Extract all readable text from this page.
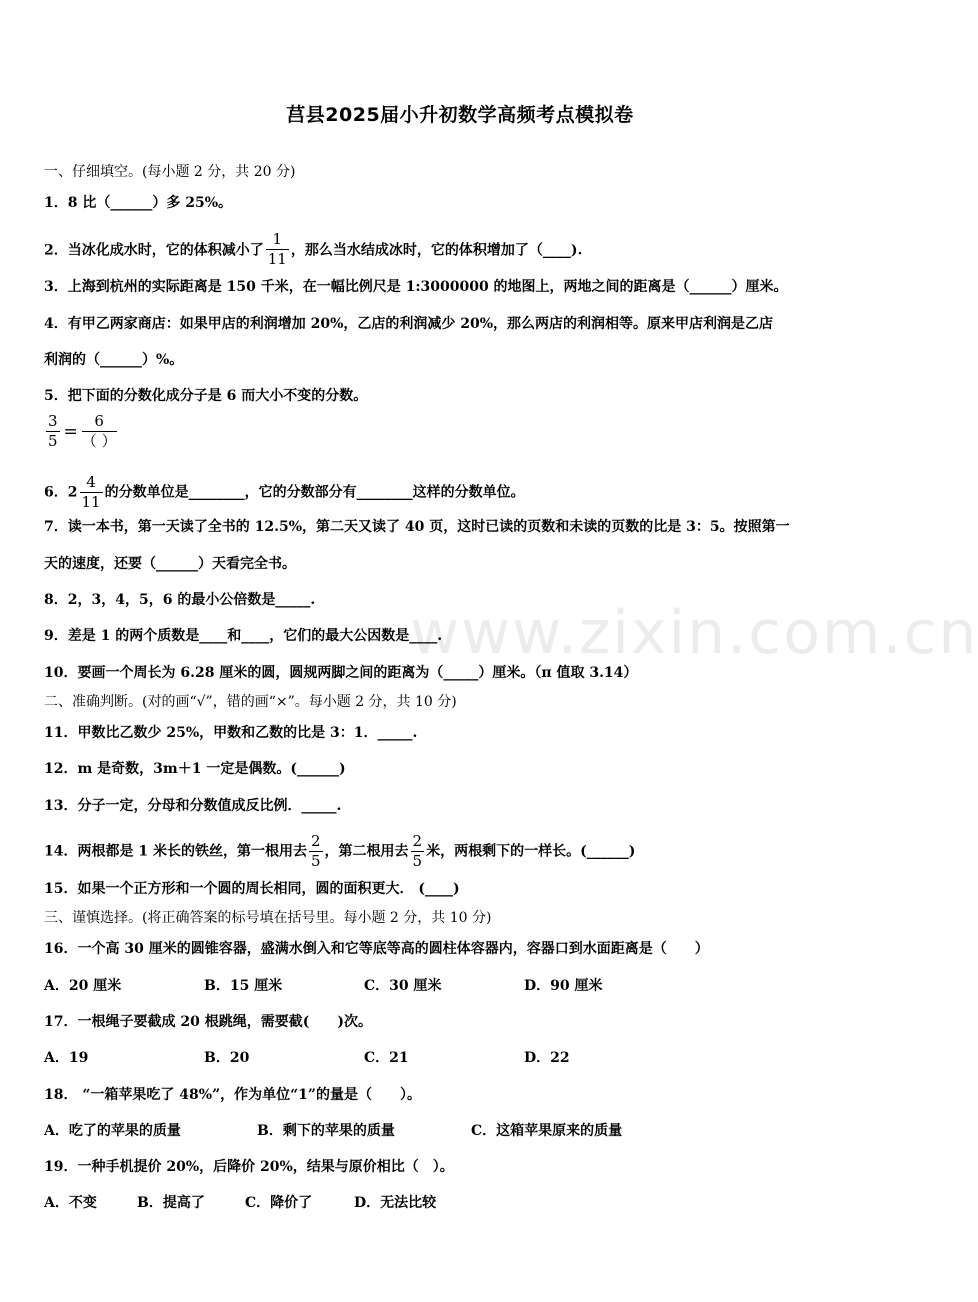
www.zixin.com.cn
莒县2025届小升初数学高频考点模拟卷
一、仔细填空。(每小题 2 分，共 20 分)
1．8 比（______）多 25%。
2．当冰化成水时，它的体积减小了 $\frac{1}{11}$ ，那么当水结成冰时，它的体积增加了（____).
3．上海到杭州的实际距离是 150 千米，在一幅比例尺是 1:3000000 的地图上，两地之间的距离是（______）厘米。
4．有甲乙两家商店：如果甲店的利润增加 20%，乙店的利润减少 20%，那么两店的利润相等。原来甲店利润是乙店
利润的（______）%。
5．把下面的分数化成分子是 6 而大小不变的分数。
$\frac{3}{5} = \frac{6}{( )}$
6．$2 \frac{4}{11}$ 的分数单位是________，它的分数部分有________这样的分数单位。
7．读一本书，第一天读了全书的 12.5%，第二天又读了 40 页，这时已读的页数和未读的页数的比是 3：5。按照第一
天的速度，还要（______）天看完全书。
8．2，3，4，5，6 的最小公倍数是_____.
9．差是 1 的两个质数是____和____，它们的最大公因数是____.
10．要画一个周长为 6.28 厘米的圆，圆规两脚之间的距离为（_____）厘米。（π 值取 3.14）
二、准确判断。(对的画“√”，错的画“×”。每小题 2 分，共 10 分)
11．甲数比乙数少 25%，甲数和乙数的比是 3：1．_____.
12．m 是奇数，3m＋1 一定是偶数。(______)
13．分子一定，分母和分数值成反比例．_____.
14．两根都是 1 米长的铁丝，第一根用去 $\frac{2}{5}$ ，第二根用去 $\frac{2}{5}$ 米，两根剩下的一样长。(______)
15．如果一个正方形和一个圆的周长相同，圆的面积更大． (____)
三、谨慎选择。(将正确答案的标号填在括号里。每小题 2 分，共 10 分)
16．一个高 30 厘米的圆锥容器，盛满水倒入和它等底等高的圆柱体容器内，容器口到水面距离是（　　）
A．20 厘米	B．15 厘米	C．30 厘米	D．90 厘米
17．一根绳子要截成 20 根跳绳，需要截(　　)次。
A．19	B．20	C．21	D．22
18． “一箱苹果吃了 48%”，作为单位“1”的量是（　　）。
A．吃了的苹果的质量	B．剩下的苹果的质量	C．这箱苹果原来的质量
19．一种手机提价 20%，后降价 20%，结果与原价相比（　）。
A．不变	B．提高了	C．降价了	D．无法比较
